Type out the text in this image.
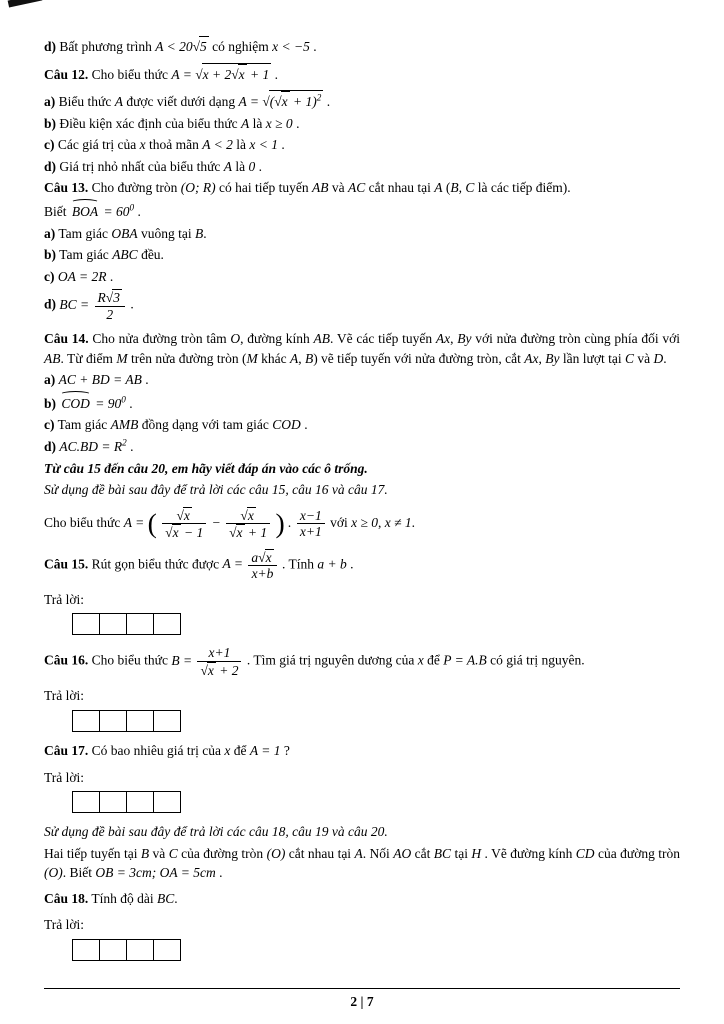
d) Bất phương trình A < 20√5 có nghiệm x < −5 .
Câu 12. Cho biểu thức A = √x + 2√x + 1 .
a) Biểu thức A được viết dưới dạng $A = √(√x + 1)^2$ .
b) Điều kiện xác định của biểu thức A là x ≥ 0 .
c) Các giá trị của x thoả mãn A < 2 là x < 1 .
d) Giá trị nhỏ nhất của biểu thức A là 0 .
Câu 13. Cho đường tròn (O; R) có hai tiếp tuyến AB và AC cắt nhau tại A (B, C là các tiếp điểm).
Biết BOA = $60^0$ .
a) Tam giác OBA vuông tại B.
b) Tam giác ABC đều.
c) OA = 2R .
d) BC = $\frac{R√3}{2}$ .
Câu 14. Cho nửa đường tròn tâm O, đường kính AB. Vẽ các tiếp tuyến Ax, By với nửa đường tròn cùng phía đối với AB. Từ điểm M trên nửa đường tròn (M khác A, B) vẽ tiếp tuyến với nửa đường tròn, cắt Ax, By lần lượt tại C và D.
a) AC + BD = AB .
b) COD = $90^0$ .
c) Tam giác AMB đồng dạng với tam giác COD .
d) $AC.BD = R^2$ .
Từ câu 15 đến câu 20, em hãy viết đáp án vào các ô trống.
Sử dụng đề bài sau đây để trả lời các câu 15, câu 16 và câu 17.
Cho biểu thức A = ( $\frac{√x}{√x - 1} - \frac{√x}{√x + 1}$ ) . $\frac{x-1}{x+1}$ với x ≥ 0, x ≠ 1.
Câu 15. Rút gọn biểu thức được $A = \frac{a√x}{x+b}$ . Tính a + b .
Trả lời:
Câu 16. Cho biểu thức $B = \frac{x+1}{√x + 2}$ . Tìm giá trị nguyên dương của x để P = A.B có giá trị nguyên.
Trả lời:
Câu 17. Có bao nhiêu giá trị của x để A = 1 ?
Trả lời:
Sử dụng đề bài sau đây để trả lời các câu 18, câu 19 và câu 20.
Hai tiếp tuyến tại B và C của đường tròn (O) cắt nhau tại A. Nối AO cắt BC tại H . Vẽ đường kính CD của đường tròn (O). Biết OB = 3cm; OA = 5cm .
Câu 18. Tính độ dài BC.
Trả lời:
2 | 7
